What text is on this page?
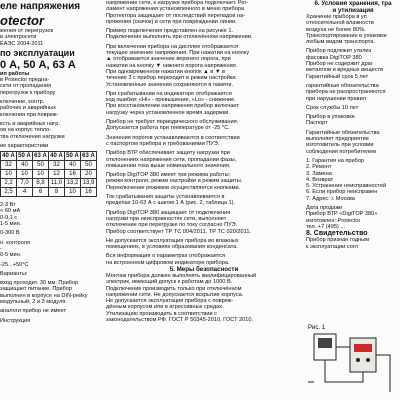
еле напряжения
otector
жения от перегрузок
в электросети
ЕАЭС 2004-2011
по эксплуатации
0 А, 50 А, 63 А
ип работы
в Protector предна-
сети от пропадания
перегрузок к прибору

ключение, контр.
рабочих и аварийных
ключения при повреж-

ксть и аварийных нагр.
ов на корпус тепло-
тва отключения нагрузки

ие характеристики
40 А	50 А	63 А	40 А	50 А	63 А
32	40	50	32	40	50
10	10	10	12	16	20
2,2	7,0	8,8	11,0	13,2	13,9
2,5	4	6	8	10	16

2-3 Вт
< 60 мА
0-9,1 с
1-5 мин.

0-300 В

н. контроля
-
0-5 мин.

-25...+50°С

Варианты:

вход проходит. 30 мм. Прибор
защищает питание. Прибор
выполнен в корпусе на DIN-рейку
модульный, 2 и 3 модуля.

аналоги прибор не имеет

Инструкция
напряжение сети, к нагрузке прибора подключает. Рег-
ламент напряжения установленного в меню прибора
Протектора защищает от последствий перепадов на-
пряжения (скачок) в сети при повреждении линии.

Пример подключения представлен на рисунке 1.
Подключение выполнять при отключённом напряжении.

При включении прибора на дисплее отображается
текущее значение напряжения. При нажатии на кнопку
▲ отображается значение верхнего порога, при
нажатии на кнопку ▼ нижнего порога напряжения.
При одновременном нажатии кнопок ▲ и ▼ в
течение 3 с прибор переходит в режим настройки.
Установленные значения сохраняются в памяти.

При срабатывании на индикаторе отображается
код ошибки: «Hi» - превышение, «Lo» - снижение.
При восстановлении напряжения прибор включает
нагрузку через установленное время задержки.

Прибор не требует периодического обслуживания.
Допускается работа при температуре от -25 °С.

Значения порогов устанавливаются в соответствии
с паспортом прибора и требованиями ПУЭ.

Прибор ВТР обеспечивает защиту нагрузки при
отклонениях напряжения сети, пропадании фазы,
повышении тока выше номинального значения.

Прибор DigiTOP 380 имеет три режима работы:
режим контроля, режим настройки и режим защиты.
Переключение режимов осуществляется кнопками.

Ток срабатывания защиты устанавливается в
пределах 10-63 А с шагом 1 А (рис. 2, таблица 1).

Прибор DigiTOP 380 защищает от подключения
нагрузки при неисправностях сети, выполняет
отключение при перегрузке по току согласно ПУЭ.
Прибор соответствует ТР ТС 004/2011, ТР ТС 020/2011.

Не допускается эксплуатация прибора во влажных
помещениях, в условиях образования конденсата.

Вся информация о параметрах отображается
на встроенном цифровом индикаторе прибора.
5. Меры безопасности
Монтаж прибора должен выполнять квалифицированный
электрик, имеющий допуск к работам до 1000 В.
Подключение производить только при отключённом
напряжении сети. Не допускается вскрытие корпуса.
Не допускается эксплуатация прибора с повреж-
дённым корпусом или в агрессивных средах.
Утилизацию производить в соответствии с
законодательством РФ. ГОСТ Р 50345-2010, ГОСТ 2010.
6. Условия хранения, тра
и утилизация
Хранение прибора в уп
относительной влажности
воздуха не более 80%.
Транспортирование в упаковке
любым видом транспорта.

Прибор подлежит утилиз
фасовка DigiTOP 380
Прибор не содержит драг
металлов и вредных веществ
Гарантийный срок 5 лет

гарантийные обязательства
прибора не распространяются
при нарушении правил

Срок службы 10 лет

Прибор в упаковке
Паспорт

Гарантийные обязательства
выполняет предприятие
изготовитель при условии
соблюдения потребителем

1. Гарантия на прибор
2. Ремонт
3. Замена
4. Возврат
5. Устранение неисправностей
6. Если прибор неисправен
7. Адрес: г. Москва

Дата продажи
Прибор ВТР «DigiTOP 380»
изготовлен: Protector
тел. +7 (495) ...
8. Свидетельство
Прибор признан годным
к эксплуатации согл
Рис. 1
